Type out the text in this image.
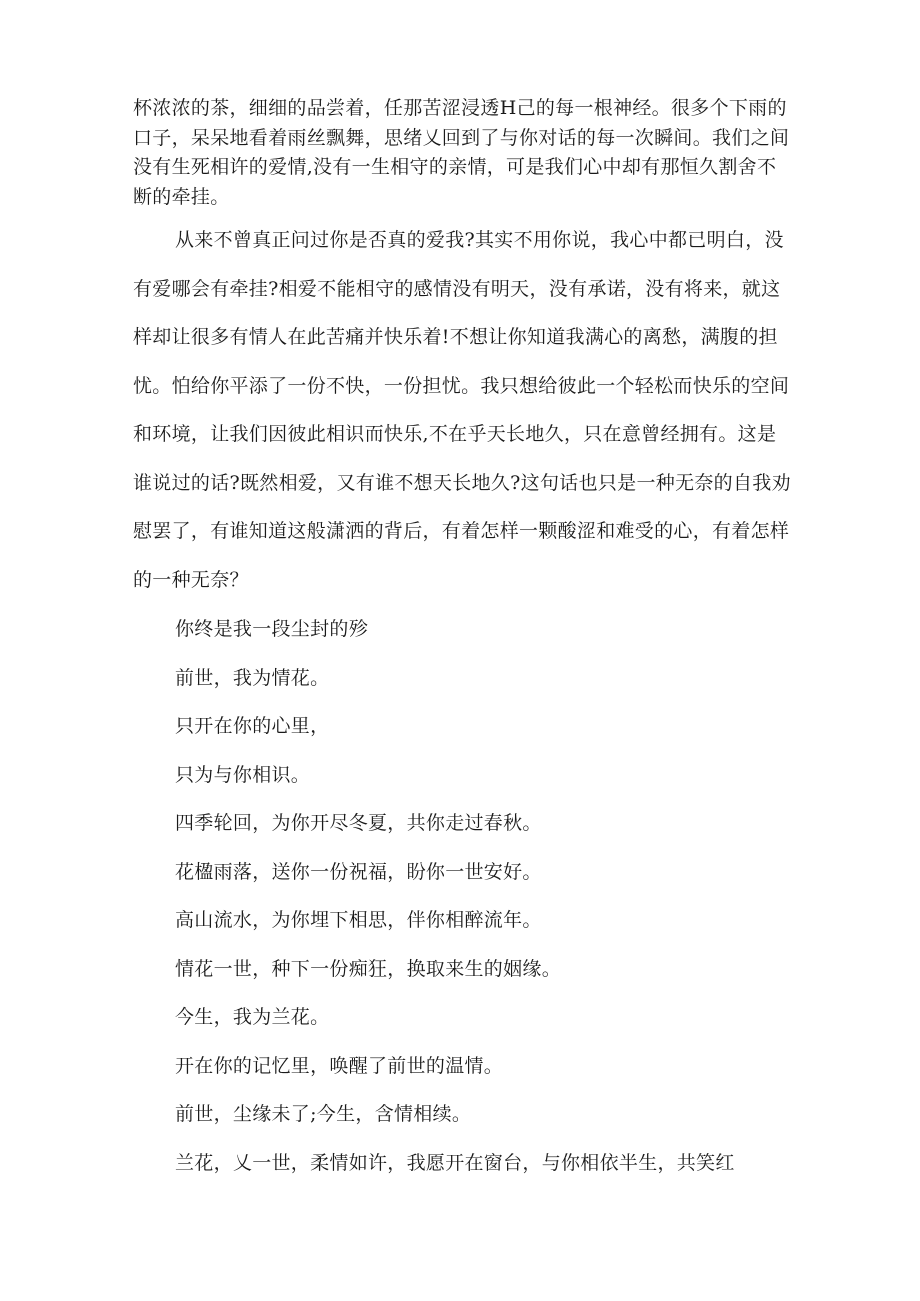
杯浓浓的茶，细细的品尝着，任那苦涩浸透H己的每一根神经。很多个下雨的口子，呆呆地看着雨丝飘舞，思绪乂回到了与你对话的每一次瞬间。我们之间没有生死相许的爱情,没有一生相守的亲情，可是我们心中却有那恒久割舍不断的牵挂。

从来不曾真正问过你是否真的爱我?其实不用你说，我心中都已明白，没有爱哪会有牵挂?相爱不能相守的感情没有明天，没有承诺，没有将来，就这样却让很多有情人在此苦痛并快乐着!不想让你知道我满心的离愁，满腹的担忧。怕给你平添了一份不快，一份担忧。我只想给彼此一个轻松而快乐的空间和环境，让我们因彼此相识而快乐,不在乎天长地久，只在意曾经拥有。这是谁说过的话?既然相爱，又有谁不想天长地久?这句话也只是一种无奈的自我劝慰罢了，有谁知道这般潇洒的背后，有着怎样一颗酸涩和难受的心，有着怎样的一种无奈？

你终是我一段尘封的殄
前世，我为情花。
只开在你的心里，
只为与你相识。
四季轮回，为你开尽冬夏，共你走过春秋。
花楹雨落，送你一份祝福，盼你一世安好。
高山流水，为你埋下相思，伴你相醉流年。
情花一世，种下一份痴狂，换取来生的姻缘。
今生，我为兰花。
开在你的记忆里，唤醒了前世的温情。
前世，尘缘未了;今生，含情相续。
兰花，乂一世，柔情如许，我愿开在窗台，与你相依半生，共笑红
